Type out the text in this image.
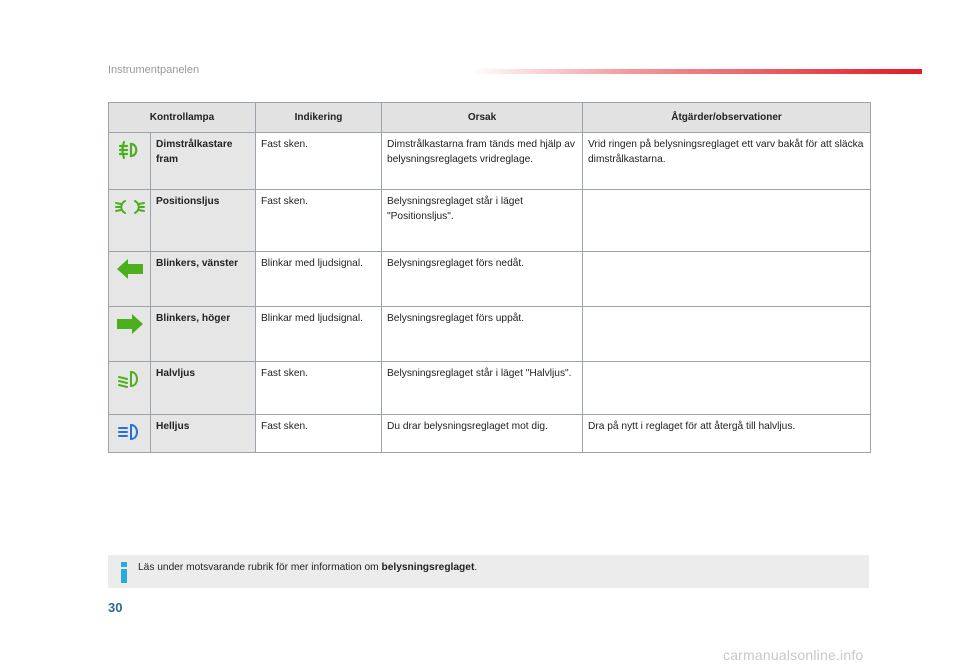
Instrumentpanelen
Kontrollampa		Indikering	Orsak	Åtgärder/observationer
	Dimstrålkastare fram	Fast sken.	Dimstrålkastarna fram tänds med hjälp av belysningsreglagets vridreglage.	Vrid ringen på belysningsreglaget ett varv bakåt för att släcka dimstrålkastarna.
	Positionsljus	Fast sken.	Belysningsreglaget står i läget "Positionsljus".	
	Blinkers, vänster	Blinkar med ljudsignal.	Belysningsreglaget förs nedåt.	
	Blinkers, höger	Blinkar med ljudsignal.	Belysningsreglaget förs uppåt.	
	Halvljus	Fast sken.	Belysningsreglaget står i läget "Halvljus".	
	Helljus	Fast sken.	Du drar belysningsreglaget mot dig.	Dra på nytt i reglaget för att återgå till halvljus.
Läs under motsvarande rubrik för mer information om belysningsreglaget.
30
carmanualsonline.info
